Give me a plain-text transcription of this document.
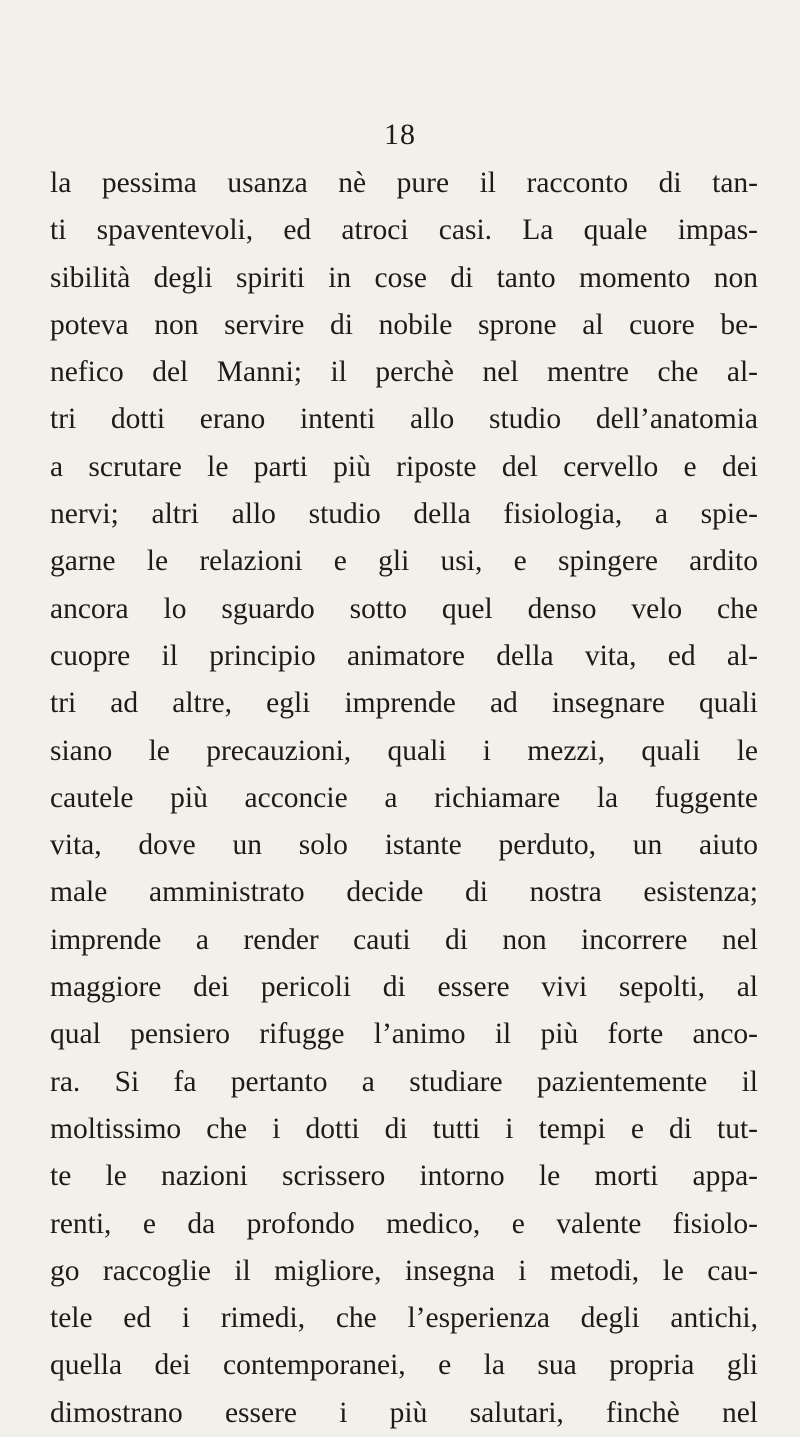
18
la pessima usanza nè pure il racconto di tan-
ti spaventevoli, ed atroci casi. La quale impas-
sibilità degli spiriti in cose di tanto momento non
poteva non servire di nobile sprone al cuore be-
nefico del Manni; il perchè nel mentre che al-
tri dotti erano intenti allo studio dell’anatomia
a scrutare le parti più riposte del cervello e dei
nervi; altri allo studio della fisiologia, a spie-
garne le relazioni e gli usi, e spingere ardito
ancora lo sguardo sotto quel denso velo che
cuopre il principio animatore della vita, ed al-
tri ad altre, egli imprende ad insegnare quali
siano le precauzioni, quali i mezzi, quali le
cautele più acconcie a richiamare la fuggente
vita, dove un solo istante perduto, un aiuto
male amministrato decide di nostra esistenza;
imprende a render cauti di non incorrere nel
maggiore dei pericoli di essere vivi sepolti, al
qual pensiero rifugge l’animo il più forte anco-
ra. Si fa pertanto a studiare pazientemente il
moltissimo che i dotti di tutti i tempi e di tut-
te le nazioni scrissero intorno le morti appa-
renti, e da profondo medico, e valente fisiolo-
go raccoglie il migliore, insegna i metodi, le cau-
tele ed i rimedi, che l’esperienza degli antichi,
quella dei contemporanei, e la sua propria gli
dimostrano essere i più salutari, finchè nel
